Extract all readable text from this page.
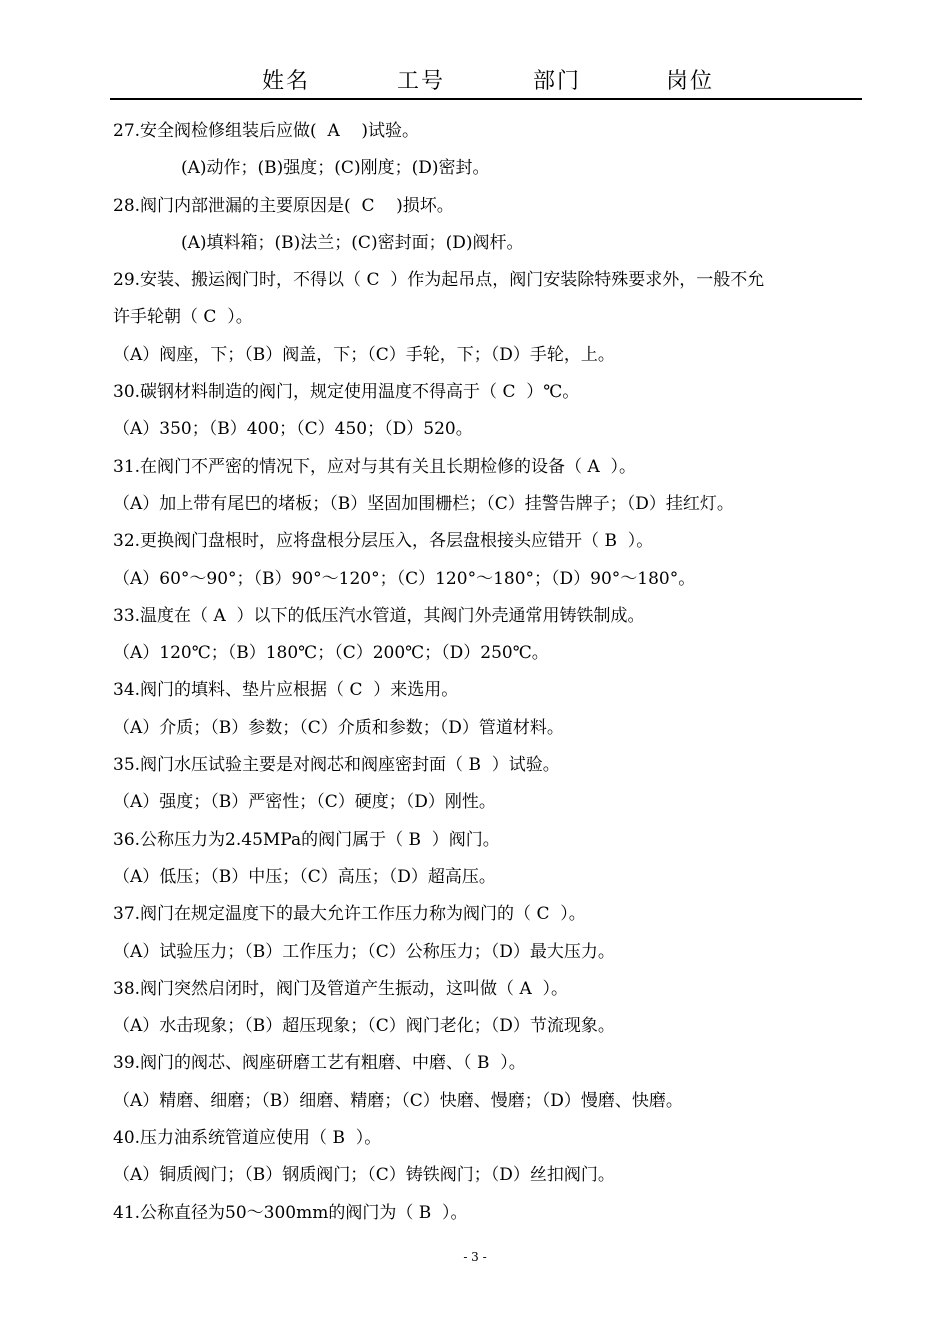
姓名	工号	部门	岗位
27.安全阀检修组装后应做(  A    )试验。
(A)动作；(B)强度；(C)刚度；(D)密封。
28.阀门内部泄漏的主要原因是(  C    )损坏。
(A)填料箱；(B)法兰；(C)密封面；(D)阀杆。
29.安装、搬运阀门时，不得以（ C  ）作为起吊点，阀门安装除特殊要求外，一般不允
许手轮朝（ C  ）。
（A）阀座，下；（B）阀盖，下；（C）手轮，下；（D）手轮，上。
30.碳钢材料制造的阀门，规定使用温度不得高于（ C  ）℃。
（A）350；（B）400；（C）450；（D）520。
31.在阀门不严密的情况下，应对与其有关且长期检修的设备（ A  ）。
（A）加上带有尾巴的堵板；（B）坚固加围栅栏；（C）挂警告牌子；（D）挂红灯。
32.更换阀门盘根时，应将盘根分层压入，各层盘根接头应错开（ B  ）。
（A）60°～90°；（B）90°～120°；（C）120°～180°；（D）90°～180°。
33.温度在（ A  ）以下的低压汽水管道，其阀门外壳通常用铸铁制成。
（A）120℃；（B）180℃；（C）200℃；（D）250℃。
34.阀门的填料、垫片应根据（ C  ）来选用。
（A）介质；（B）参数；（C）介质和参数；（D）管道材料。
35.阀门水压试验主要是对阀芯和阀座密封面（ B  ）试验。
（A）强度；（B）严密性；（C）硬度；（D）刚性。
36.公称压力为2.45MPa的阀门属于（ B  ）阀门。
（A）低压；（B）中压；（C）高压；（D）超高压。
37.阀门在规定温度下的最大允许工作压力称为阀门的（ C  ）。
（A）试验压力；（B）工作压力；（C）公称压力；（D）最大压力。
38.阀门突然启闭时，阀门及管道产生振动，这叫做（ A  ）。
（A）水击现象；（B）超压现象；（C）阀门老化；（D）节流现象。
39.阀门的阀芯、阀座研磨工艺有粗磨、中磨、（ B  ）。
（A）精磨、细磨；（B）细磨、精磨；（C）快磨、慢磨；（D）慢磨、快磨。
40.压力油系统管道应使用（ B  ）。
（A）铜质阀门；（B）钢质阀门；（C）铸铁阀门；（D）丝扣阀门。
41.公称直径为50～300mm的阀门为（ B  ）。
- 3 -
